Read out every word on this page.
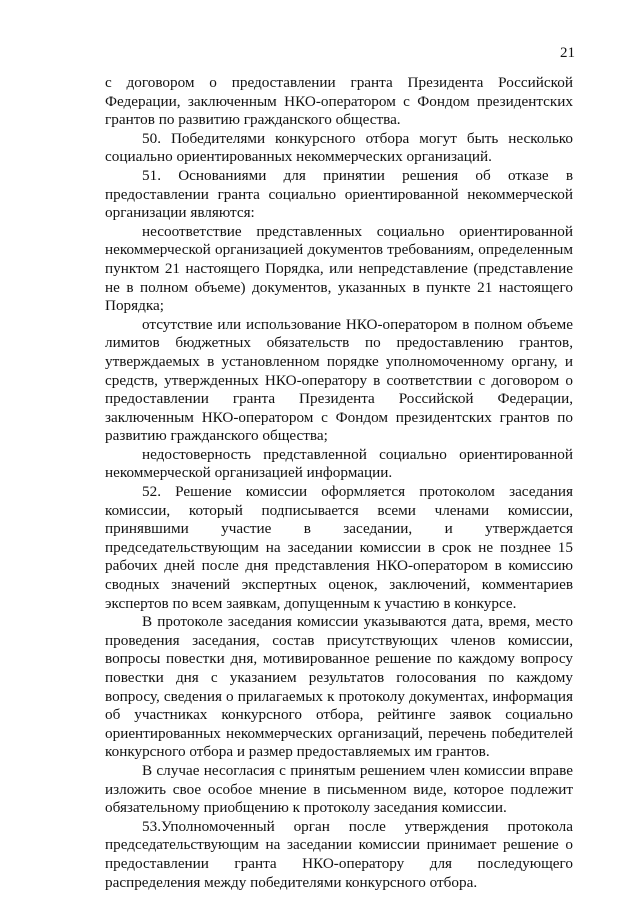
21

с договором о предоставлении гранта Президента Российской Федерации, заключенным НКО-оператором с Фондом президентских грантов по развитию гражданского общества.

50. Победителями конкурсного отбора могут быть несколько социально ориентированных некоммерческих организаций.

51. Основаниями для принятии решения об отказе в предоставлении гранта социально ориентированной некоммерческой организации являются:

несоответствие представленных социально ориентированной некоммерческой организацией документов требованиям, определенным пунктом 21 настоящего Порядка, или непредставление (представление не в полном объеме) документов, указанных в пункте 21 настоящего Порядка;

отсутствие или использование НКО-оператором в полном объеме лимитов бюджетных обязательств по предоставлению грантов, утверждаемых в установленном порядке уполномоченному органу, и средств, утвержденных НКО-оператору в соответствии с договором о предоставлении гранта Президента Российской Федерации, заключенным НКО-оператором с Фондом президентских грантов по развитию гражданского общества;

недостоверность представленной социально ориентированной некоммерческой организацией информации.

52. Решение комиссии оформляется протоколом заседания комиссии, который подписывается всеми членами комиссии, принявшими участие в заседании, и утверждается председательствующим на заседании комиссии в срок не позднее 15 рабочих дней после дня представления НКО-оператором в комиссию сводных значений экспертных оценок, заключений, комментариев экспертов по всем заявкам, допущенным к участию в конкурсе.

В протоколе заседания комиссии указываются дата, время, место проведения заседания, состав присутствующих членов комиссии, вопросы повестки дня, мотивированное решение по каждому вопросу повестки дня с указанием результатов голосования по каждому вопросу, сведения о прилагаемых к протоколу документах, информация об участниках конкурсного отбора, рейтинге заявок социально ориентированных некоммерческих организаций, перечень победителей конкурсного отбора и размер предоставляемых им грантов.

В случае несогласия с принятым решением член комиссии вправе изложить свое особое мнение в письменном виде, которое подлежит обязательному приобщению к протоколу заседания комиссии.

53.Уполномоченный орган после утверждения протокола председательствующим на заседании комиссии принимает решение о предоставлении гранта НКО-оператору для последующего распределения между победителями конкурсного отбора.
